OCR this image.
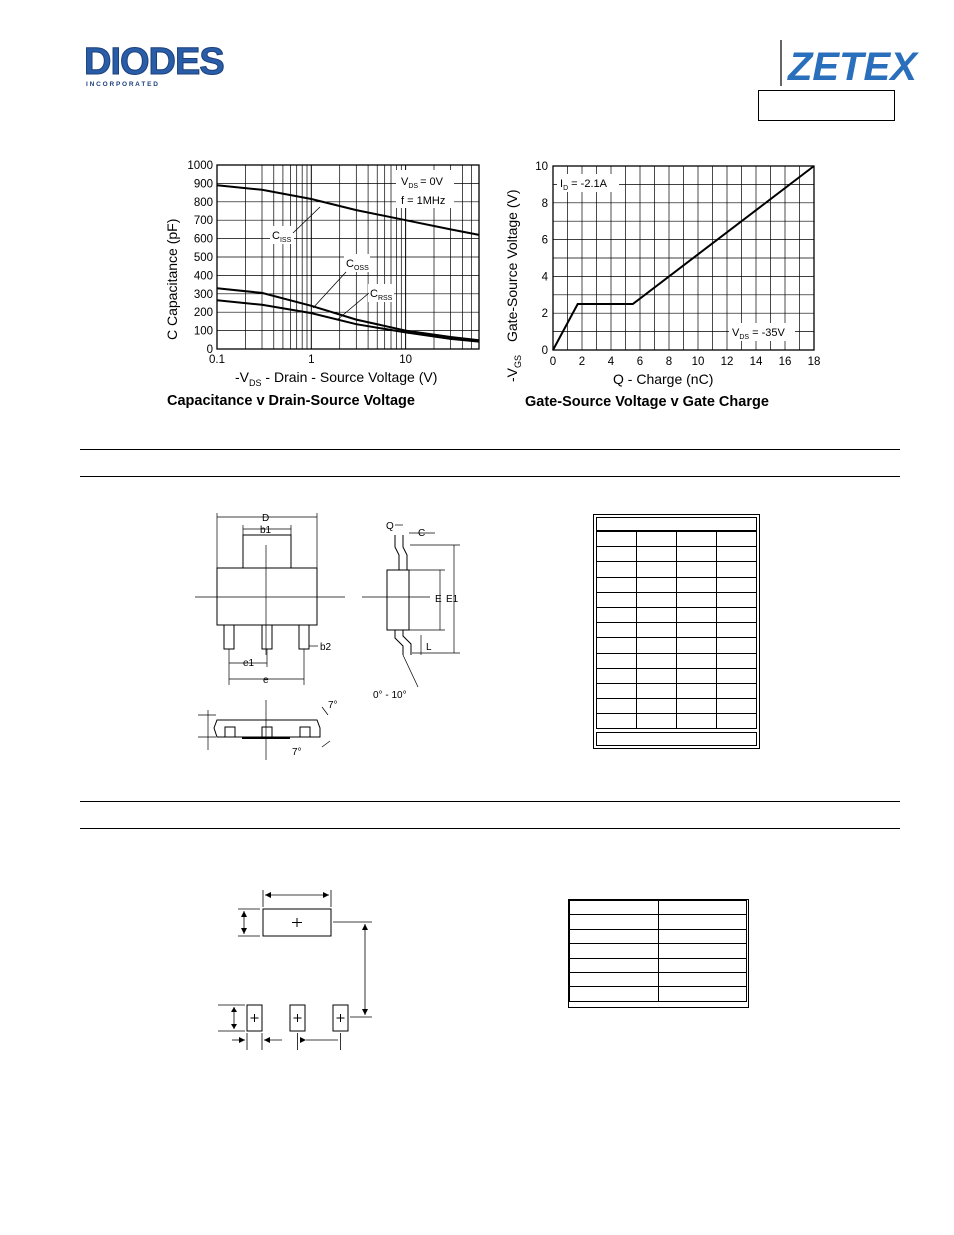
DIODES
I N C O R P O R A T E D	ZETEX
0
100
200
300
400
500
600
700
800
900
1000
0.1	1	10
$V_{DS} = 0V$
f = 1MHz
$C_{ISS}$
$C_{OSS}$
$C_{RSS}$
$-V_{DS}$ - Drain - Source Voltage (V)
C Capacitance (pF)
Capacitance v Drain-Source Voltage
0
2
4
6
8
10
0 2 4 6 8 10 12 14 16 18
$I_D = -2.1A$
$V_{DS} = -35V$
Gate-Source Voltage (V)
$-V_{GS}$
Q - Charge (nC)
Gate-Source Voltage v Gate Charge
D
b1
b2
e1
e
Q
C
E E1
L
0° - 10°
7°
7°
